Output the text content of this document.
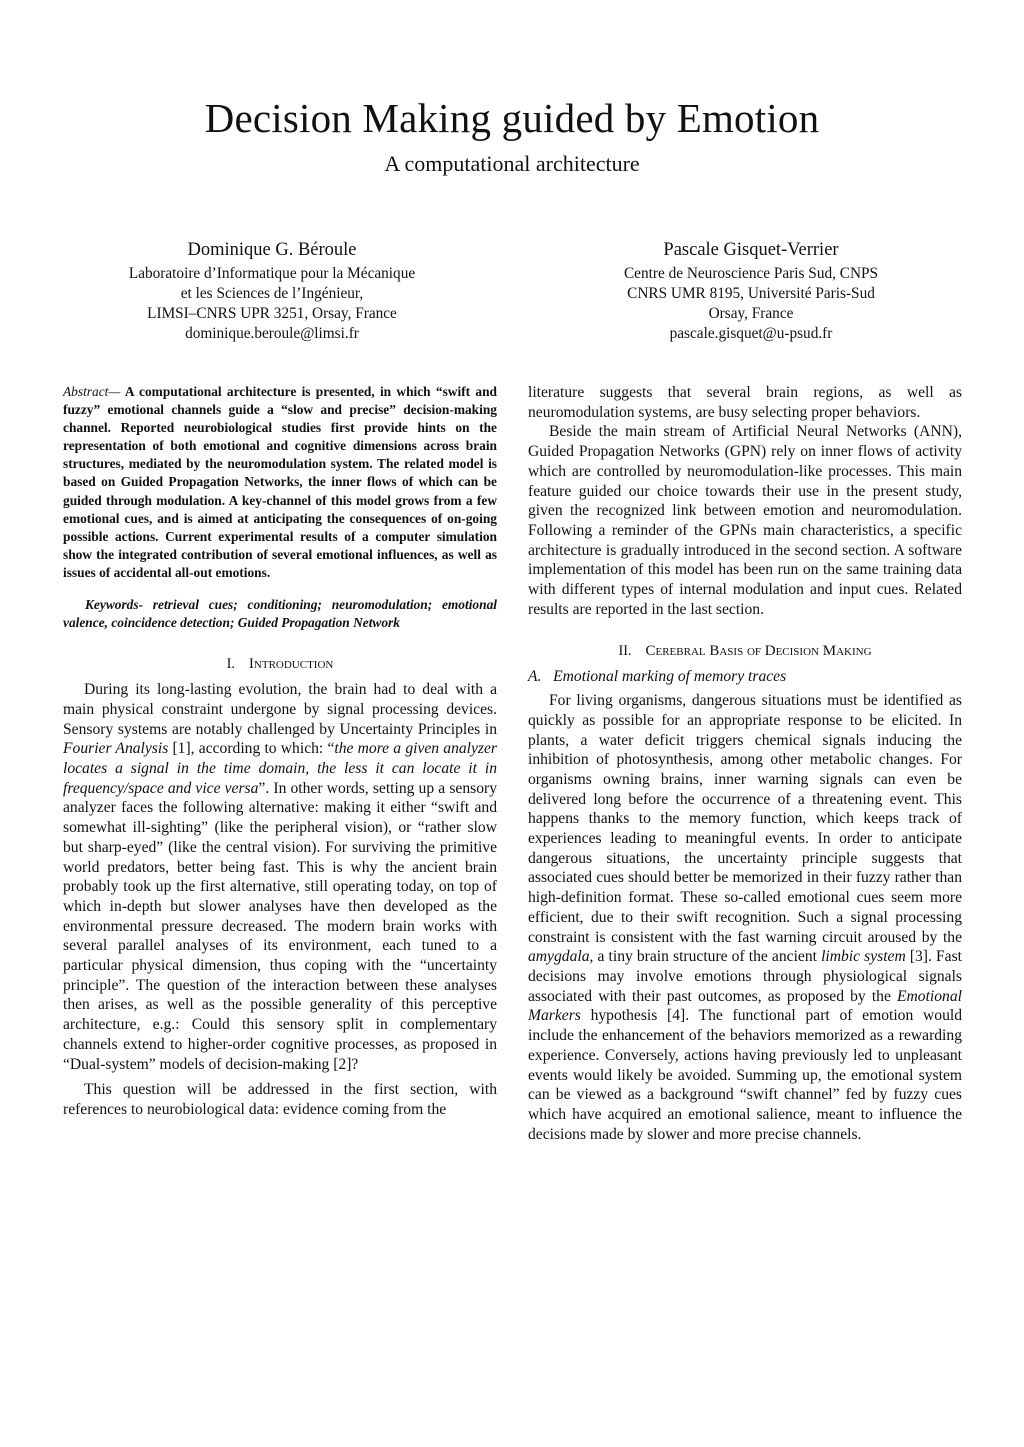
Decision Making guided by Emotion
A computational architecture
Dominique G. Béroule
Laboratoire d’Informatique pour la Mécanique
et les Sciences de l’Ingénieur,
LIMSI–CNRS UPR 3251, Orsay, France
dominique.beroule@limsi.fr
Pascale Gisquet-Verrier
Centre de Neuroscience Paris Sud, CNPS
CNRS UMR 8195, Université Paris-Sud
Orsay, France
pascale.gisquet@u-psud.fr

Abstract— A computational architecture is presented, in which “swift and fuzzy” emotional channels guide a “slow and precise” decision-making channel. Reported neurobiological studies first provide hints on the representation of both emotional and cognitive dimensions across brain structures, mediated by the neuromodulation system. The related model is based on Guided Propagation Networks, the inner flows of which can be guided through modulation. A key-channel of this model grows from a few emotional cues, and is aimed at anticipating the consequences of on-going possible actions. Current experimental results of a computer simulation show the integrated contribution of several emotional influences, as well as issues of accidental all-out emotions.

Keywords- retrieval cues; conditioning; neuromodulation; emotional valence, coincidence detection; Guided Propagation Network

I. Introduction

During its long-lasting evolution, the brain had to deal with a main physical constraint undergone by signal processing devices. Sensory systems are notably challenged by Uncertainty Principles in Fourier Analysis [1], according to which: “the more a given analyzer locates a signal in the time domain, the less it can locate it in frequency/space and vice versa”. In other words, setting up a sensory analyzer faces the following alternative: making it either “swift and somewhat ill-sighting” (like the peripheral vision), or “rather slow but sharp-eyed” (like the central vision). For surviving the primitive world predators, better being fast. This is why the ancient brain probably took up the first alternative, still operating today, on top of which in-depth but slower analyses have then developed as the environmental pressure decreased. The modern brain works with several parallel analyses of its environment, each tuned to a particular physical dimension, thus coping with the “uncertainty principle”. The question of the interaction between these analyses then arises, as well as the possible generality of this perceptive architecture, e.g.: Could this sensory split in complementary channels extend to higher-order cognitive processes, as proposed in “Dual-system” models of decision-making [2]?

This question will be addressed in the first section, with references to neurobiological data: evidence coming from the

literature suggests that several brain regions, as well as neuromodulation systems, are busy selecting proper behaviors.

Beside the main stream of Artificial Neural Networks (ANN), Guided Propagation Networks (GPN) rely on inner flows of activity which are controlled by neuromodulation-like processes. This main feature guided our choice towards their use in the present study, given the recognized link between emotion and neuromodulation. Following a reminder of the GPNs main characteristics, a specific architecture is gradually introduced in the second section. A software implementation of this model has been run on the same training data with different types of internal modulation and input cues. Related results are reported in the last section.

II. Cerebral Basis of Decision Making

A. Emotional marking of memory traces

For living organisms, dangerous situations must be identified as quickly as possible for an appropriate response to be elicited. In plants, a water deficit triggers chemical signals inducing the inhibition of photosynthesis, among other metabolic changes. For organisms owning brains, inner warning signals can even be delivered long before the occurrence of a threatening event. This happens thanks to the memory function, which keeps track of experiences leading to meaningful events. In order to anticipate dangerous situations, the uncertainty principle suggests that associated cues should better be memorized in their fuzzy rather than high-definition format. These so-called emotional cues seem more efficient, due to their swift recognition. Such a signal processing constraint is consistent with the fast warning circuit aroused by the amygdala, a tiny brain structure of the ancient limbic system [3]. Fast decisions may involve emotions through physiological signals associated with their past outcomes, as proposed by the Emotional Markers hypothesis [4]. The functional part of emotion would include the enhancement of the behaviors memorized as a rewarding experience. Conversely, actions having previously led to unpleasant events would likely be avoided. Summing up, the emotional system can be viewed as a background “swift channel” fed by fuzzy cues which have acquired an emotional salience, meant to influence the decisions made by slower and more precise channels.
